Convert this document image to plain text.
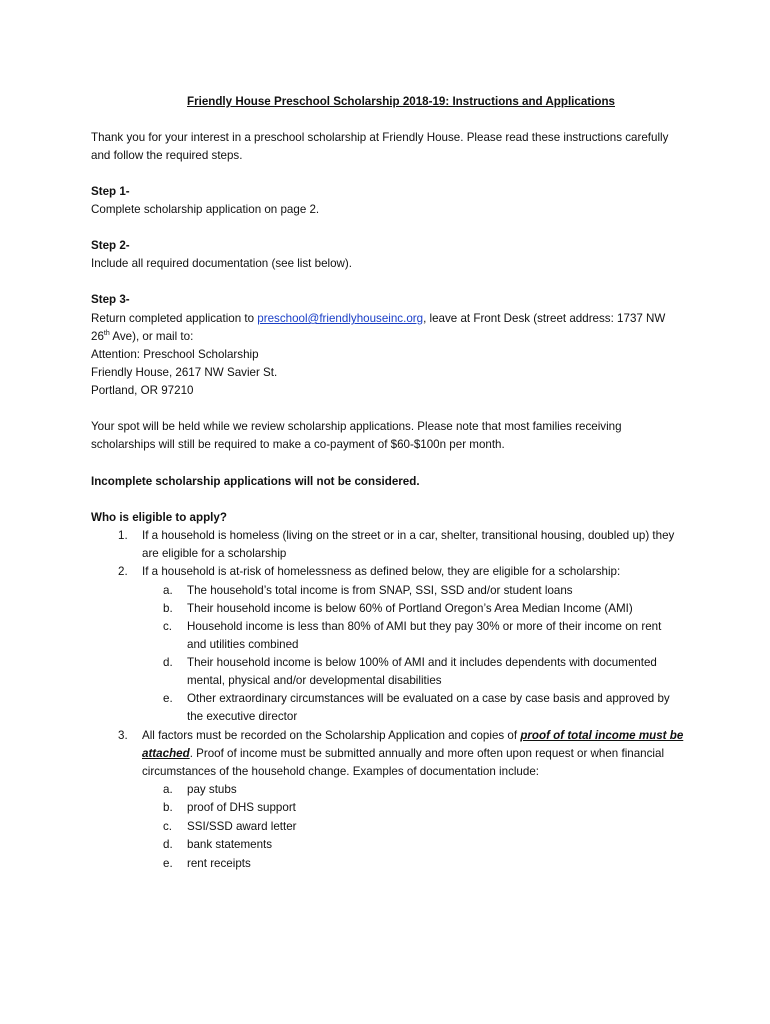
Friendly House Preschool Scholarship 2018-19: Instructions and Applications
Thank you for your interest in a preschool scholarship at Friendly House. Please read these instructions carefully
and follow the required steps.
Step 1-
Complete scholarship application on page 2.
Step 2-
Include all required documentation (see list below).
Step 3-
Return completed application to preschool@friendlyhouseinc.org, leave at Front Desk (street address: 1737 NW
26th Ave), or mail to:
Attention: Preschool Scholarship
Friendly House, 2617 NW Savier St.
Portland, OR 97210
Your spot will be held while we review scholarship applications. Please note that most families receiving
scholarships will still be required to make a co-payment of $60-$100n per month.
Incomplete scholarship applications will not be considered.
Who is eligible to apply?
1. If a household is homeless (living on the street or in a car, shelter, transitional housing, doubled up) they
are eligible for a scholarship
2. If a household is at-risk of homelessness as defined below, they are eligible for a scholarship:
a. The household’s total income is from SNAP, SSI, SSD and/or student loans
b. Their household income is below 60% of Portland Oregon’s Area Median Income (AMI)
c. Household income is less than 80% of AMI but they pay 30% or more of their income on rent
and utilities combined
d. Their household income is below 100% of AMI and it includes dependents with documented
mental, physical and/or developmental disabilities
e. Other extraordinary circumstances will be evaluated on a case by case basis and approved by
the executive director
3. All factors must be recorded on the Scholarship Application and copies of proof of total income must be
attached. Proof of income must be submitted annually and more often upon request or when financial
circumstances of the household change. Examples of documentation include:
a. pay stubs
b. proof of DHS support
c. SSI/SSD award letter
d. bank statements
e. rent receipts
